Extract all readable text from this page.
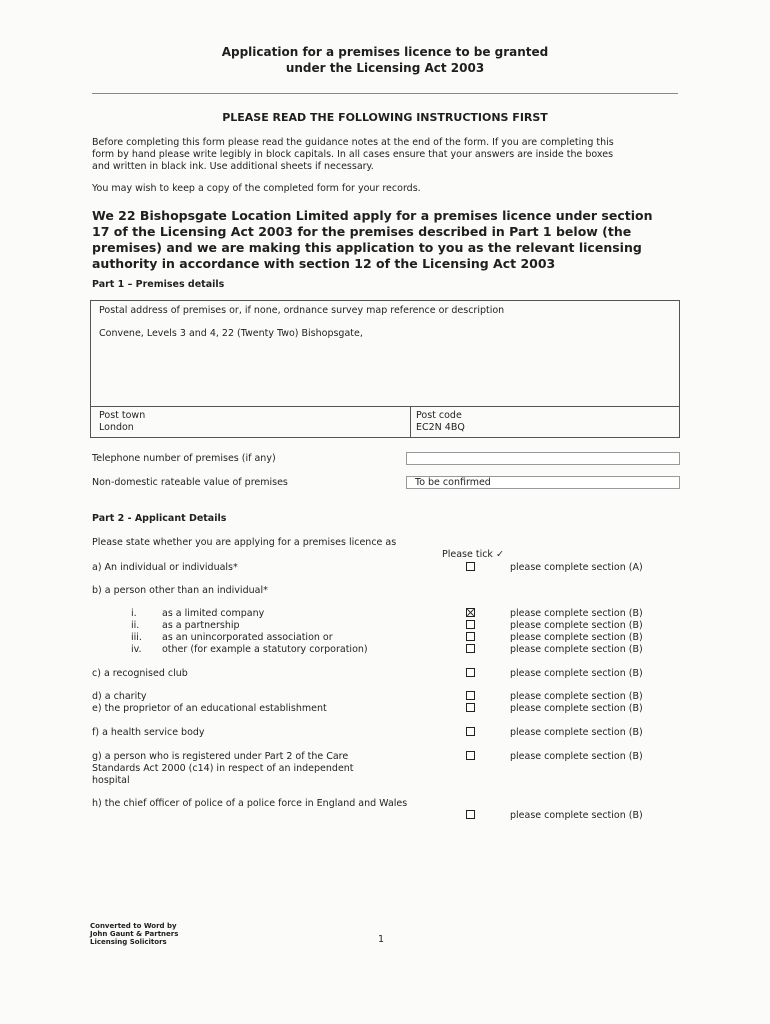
Application for a premises licence to be granted
under the Licensing Act 2003
PLEASE READ THE FOLLOWING INSTRUCTIONS FIRST
Before completing this form please read the guidance notes at the end of the form. If you are completing this
form by hand please write legibly in block capitals. In all cases ensure that your answers are inside the boxes
and written in black ink. Use additional sheets if necessary.
You may wish to keep a copy of the completed form for your records.
We 22 Bishopsgate Location Limited apply for a premises licence under section
17 of the Licensing Act 2003 for the premises described in Part 1 below (the
premises) and we are making this application to you as the relevant licensing
authority in accordance with section 12 of the Licensing Act 2003
Part 1 – Premises details
Postal address of premises or, if none, ordnance survey map reference or description
Convene, Levels 3 and 4, 22 (Twenty Two) Bishopsgate,
Post town
London
Post code
EC2N 4BQ
Telephone number of premises (if any)
Non-domestic rateable value of premises	To be confirmed
Part 2 - Applicant Details
Please state whether you are applying for a premises licence as
Please tick ✓
a) An individual or individuals*	please complete section (A)
b) a person other than an individual*
i.	as a limited company	please complete section (B)
ii. as a partnership	please complete section (B)
iii. as an unincorporated association or	please complete section (B)
iv. other (for example a statutory corporation)	please complete section (B)
c) a recognised club	please complete section (B)
d) a charity	please complete section (B)
e) the proprietor of an educational establishment	please complete section (B)
f) a health service body	please complete section (B)
g) a person who is registered under Part 2 of the Care
Standards Act 2000 (c14) in respect of an independent
hospital
please complete section (B)
h) the chief officer of police of a police force in England and Wales
please complete section (B)
Converted to Word by
John Gaunt & Partners
Licensing Solicitors	1
